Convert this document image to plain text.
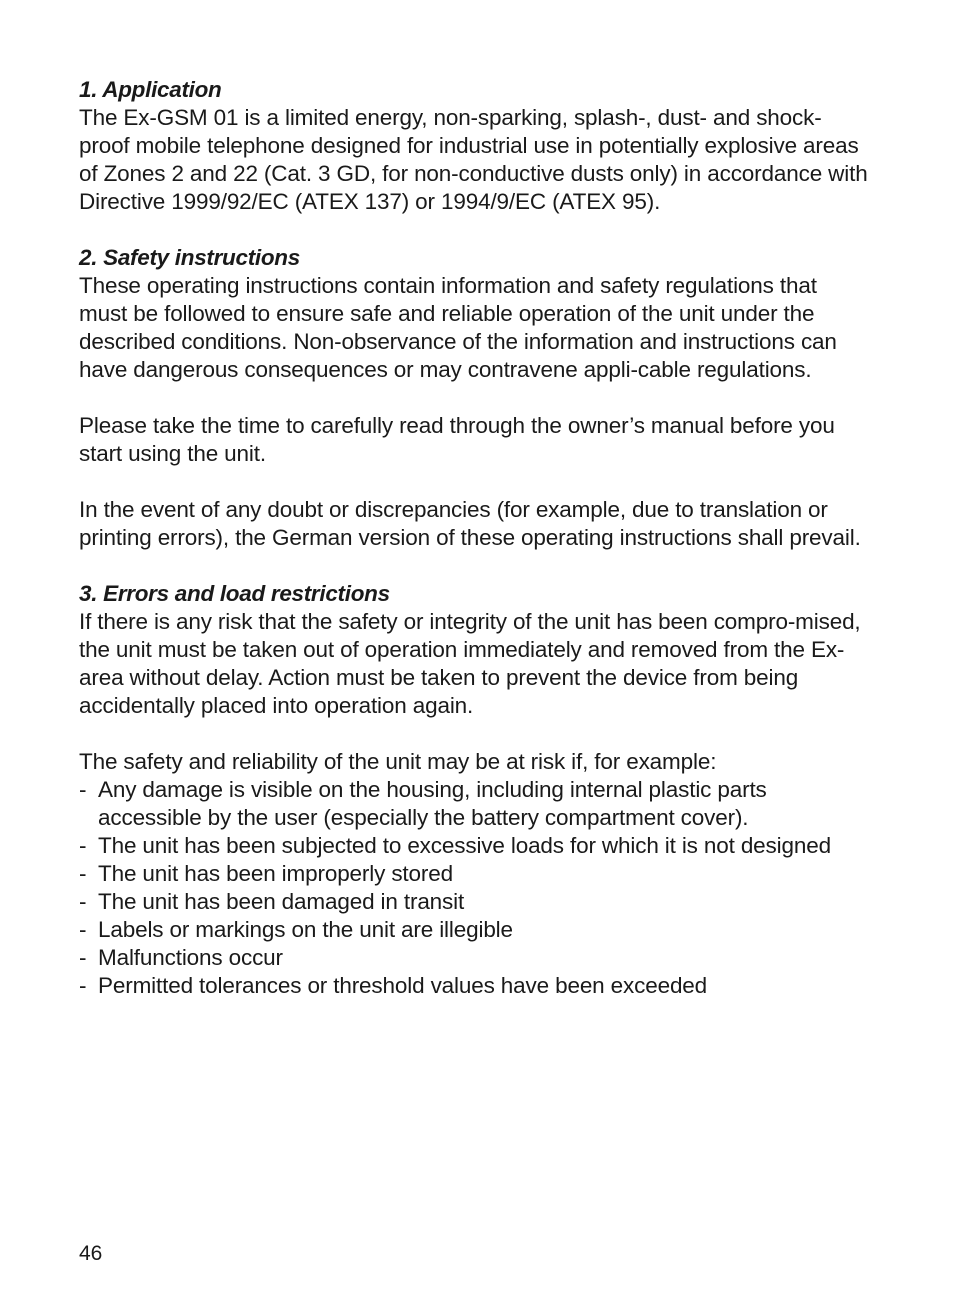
1. Application

The Ex-GSM 01 is a limited energy, non-sparking, splash-, dust- and shock-proof mobile telephone designed for industrial use in potentially explosive areas of Zones 2 and 22 (Cat. 3 GD, for non-conductive dusts only) in accordance with Directive 1999/92/EC (ATEX 137) or 1994/9/EC (ATEX 95).

2. Safety instructions

These operating instructions contain information and safety regulations that must be followed to ensure safe and reliable operation of the unit under the described conditions. Non-observance of the information and instructions can have dangerous consequences or may contravene appli-cable regulations.

Please take the time to carefully read through the owner’s manual before you start using the unit.

In the event of any doubt or discrepancies (for example, due to translation or printing errors), the German version of these operating instructions shall prevail.

3. Errors and load restrictions

If there is any risk that the safety or integrity of the unit has been compro-mised, the unit must be taken out of operation immediately and removed from the Ex-area without delay. Action must be taken to prevent the device from being accidentally placed into operation again.

The safety and reliability of the unit may be at risk if, for example:

- Any damage is visible on the housing, including internal plastic parts accessible by the user (especially the battery compartment cover).
- The unit has been subjected to excessive loads for which it is not designed
- The unit has been improperly stored
- The unit has been damaged in transit
- Labels or markings on the unit are illegible
- Malfunctions occur
- Permitted tolerances or threshold values have been exceeded
46
